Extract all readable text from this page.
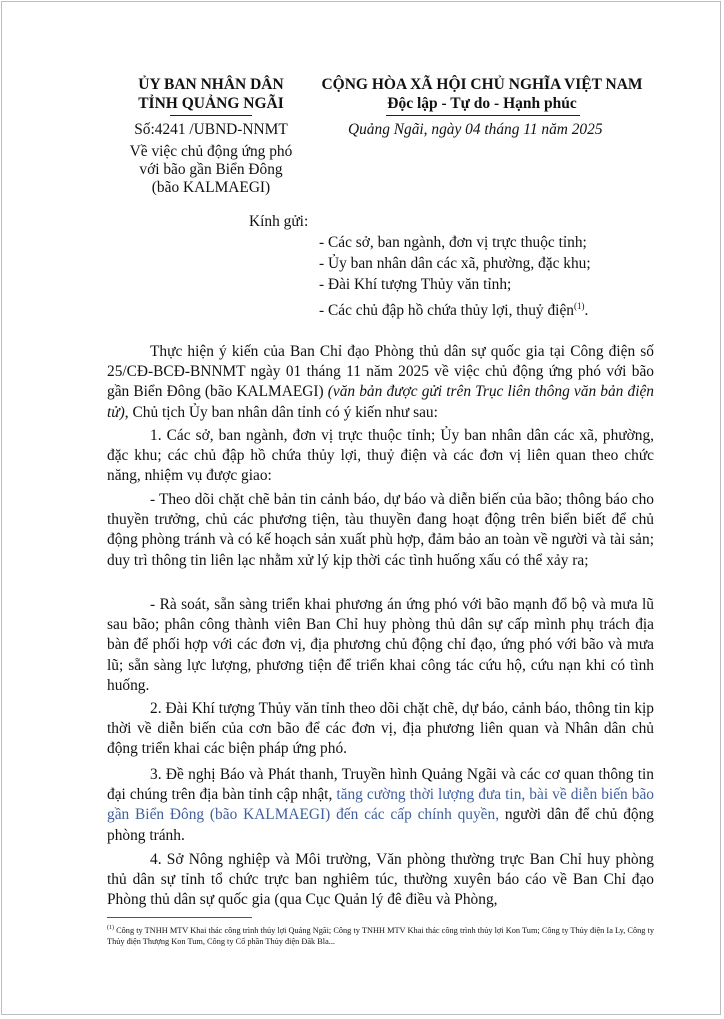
ỦY BAN NHÂN DÂN
TỈNH QUẢNG NGÃI
Số:4241 /UBND-NNMT
Về việc chủ động ứng phó
với bão gần Biển Đông
(bão KALMAEGI)
CỘNG HÒA XÃ HỘI CHỦ NGHĨA VIỆT NAM
Độc lập - Tự do - Hạnh phúc
Quảng Ngãi, ngày 04 tháng 11 năm 2025
Kính gửi:
- Các sở, ban ngành, đơn vị trực thuộc tỉnh;
- Ủy ban nhân dân các xã, phường, đặc khu;
- Đài Khí tượng Thủy văn tỉnh;
- Các chủ đập hồ chứa thủy lợi, thuỷ điện$^{(1)}$.
Thực hiện ý kiến của Ban Chỉ đạo Phòng thủ dân sự quốc gia tại Công điện số 25/CĐ-BCĐ-BNNMT ngày 01 tháng 11 năm 2025 về việc chủ động ứng phó với bão gần Biển Đông (bão KALMAEGI) (văn bản được gửi trên Trục liên thông văn bản điện tử), Chủ tịch Ủy ban nhân dân tỉnh có ý kiến như sau:
1. Các sở, ban ngành, đơn vị trực thuộc tỉnh; Ủy ban nhân dân các xã, phường, đặc khu; các chủ đập hồ chứa thủy lợi, thuỷ điện và các đơn vị liên quan theo chức năng, nhiệm vụ được giao:
- Theo dõi chặt chẽ bản tin cảnh báo, dự báo và diễn biến của bão; thông báo cho thuyền trưởng, chủ các phương tiện, tàu thuyền đang hoạt động trên biển biết để chủ động phòng tránh và có kế hoạch sản xuất phù hợp, đảm bảo an toàn về người và tài sản; duy trì thông tin liên lạc nhằm xử lý kịp thời các tình huống xấu có thể xảy ra;
- Rà soát, sẵn sàng triển khai phương án ứng phó với bão mạnh đổ bộ và mưa lũ sau bão; phân công thành viên Ban Chỉ huy phòng thủ dân sự cấp mình phụ trách địa bàn để phối hợp với các đơn vị, địa phương chủ động chỉ đạo, ứng phó với bão và mưa lũ; sẵn sàng lực lượng, phương tiện để triển khai công tác cứu hộ, cứu nạn khi có tình huống.
2. Đài Khí tượng Thủy văn tỉnh theo dõi chặt chẽ, dự báo, cảnh báo, thông tin kịp thời về diễn biến của cơn bão để các đơn vị, địa phương liên quan và Nhân dân chủ động triển khai các biện pháp ứng phó.
3. Đề nghị Báo và Phát thanh, Truyền hình Quảng Ngãi và các cơ quan thông tin đại chúng trên địa bàn tỉnh cập nhật, tăng cường thời lượng đưa tin, bài về diễn biến bão gần Biển Đông (bão KALMAEGI) đến các cấp chính quyền, người dân để chủ động phòng tránh.
4. Sở Nông nghiệp và Môi trường, Văn phòng thường trực Ban Chỉ huy phòng thủ dân sự tỉnh tổ chức trực ban nghiêm túc, thường xuyên báo cáo về Ban Chỉ đạo Phòng thủ dân sự quốc gia (qua Cục Quản lý đê điều và Phòng,
$^{(1)}$ Công ty TNHH MTV Khai thác công trình thủy lợi Quảng Ngãi; Công ty TNHH MTV Khai thác công trình thủy lợi Kon Tum; Công ty Thủy điện Ia Ly, Công ty Thủy điện Thượng Kon Tum, Công ty Cổ phần Thủy điện Đăk Bla...
